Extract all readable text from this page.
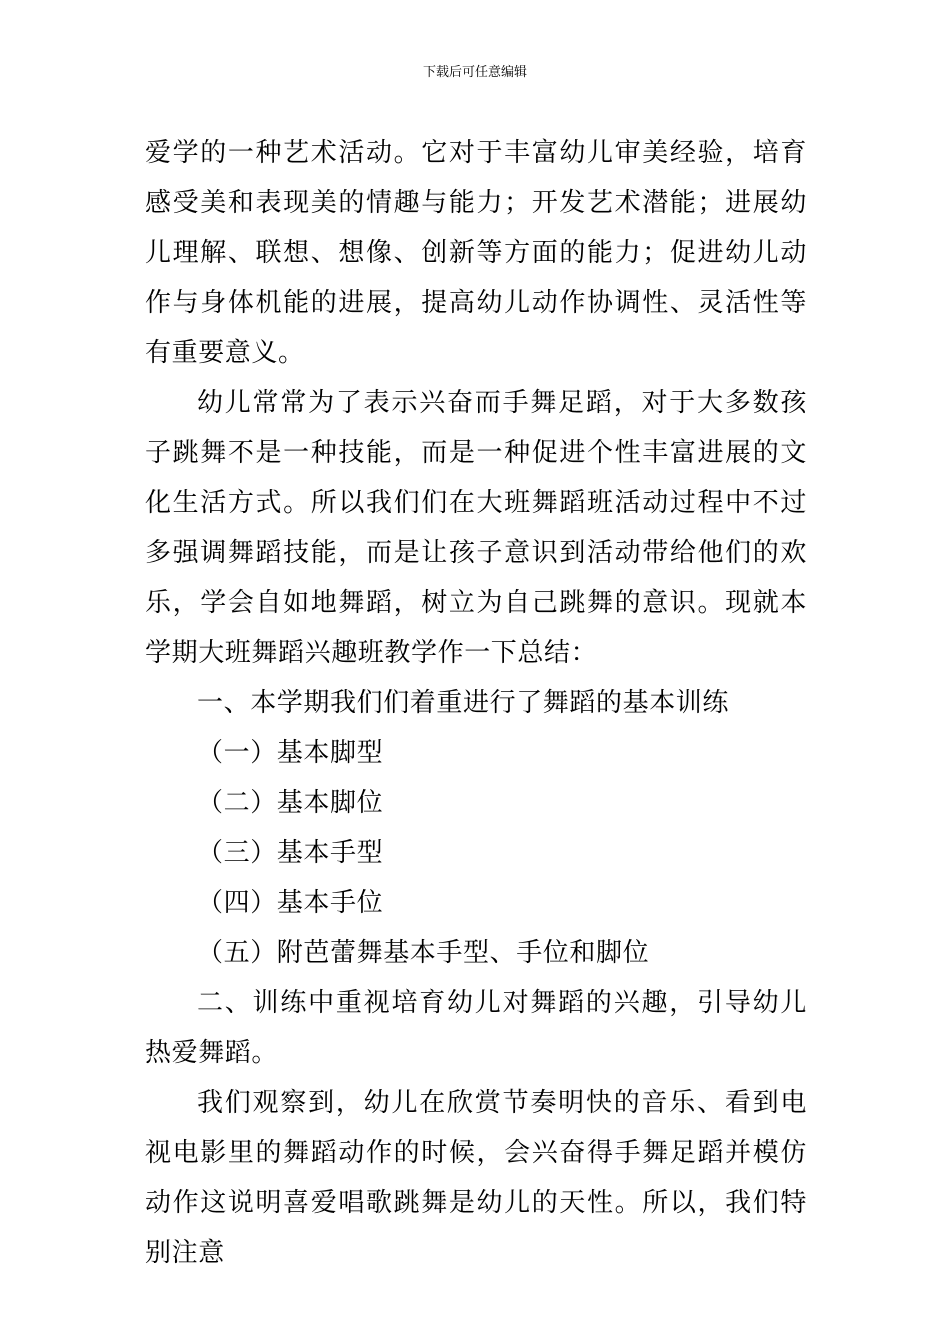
下载后可任意编辑

爱学的一种艺术活动。它对于丰富幼儿审美经验，培育感受美和表现美的情趣与能力；开发艺术潜能；进展幼儿理解、联想、想像、创新等方面的能力；促进幼儿动作与身体机能的进展，提高幼儿动作协调性、灵活性等有重要意义。

幼儿常常为了表示兴奋而手舞足蹈，对于大多数孩子跳舞不是一种技能，而是一种促进个性丰富进展的文化生活方式。所以我们们在大班舞蹈班活动过程中不过多强调舞蹈技能，而是让孩子意识到活动带给他们的欢乐，学会自如地舞蹈，树立为自己跳舞的意识。现就本学期大班舞蹈兴趣班教学作一下总结：

一、本学期我们们着重进行了舞蹈的基本训练

（一）基本脚型

（二）基本脚位

（三）基本手型

（四）基本手位

（五）附芭蕾舞基本手型、手位和脚位

二、训练中重视培育幼儿对舞蹈的兴趣，引导幼儿热爱舞蹈。

我们观察到，幼儿在欣赏节奏明快的音乐、看到电视电影里的舞蹈动作的时候，会兴奋得手舞足蹈并模仿动作这说明喜爱唱歌跳舞是幼儿的天性。所以，我们特别注意
